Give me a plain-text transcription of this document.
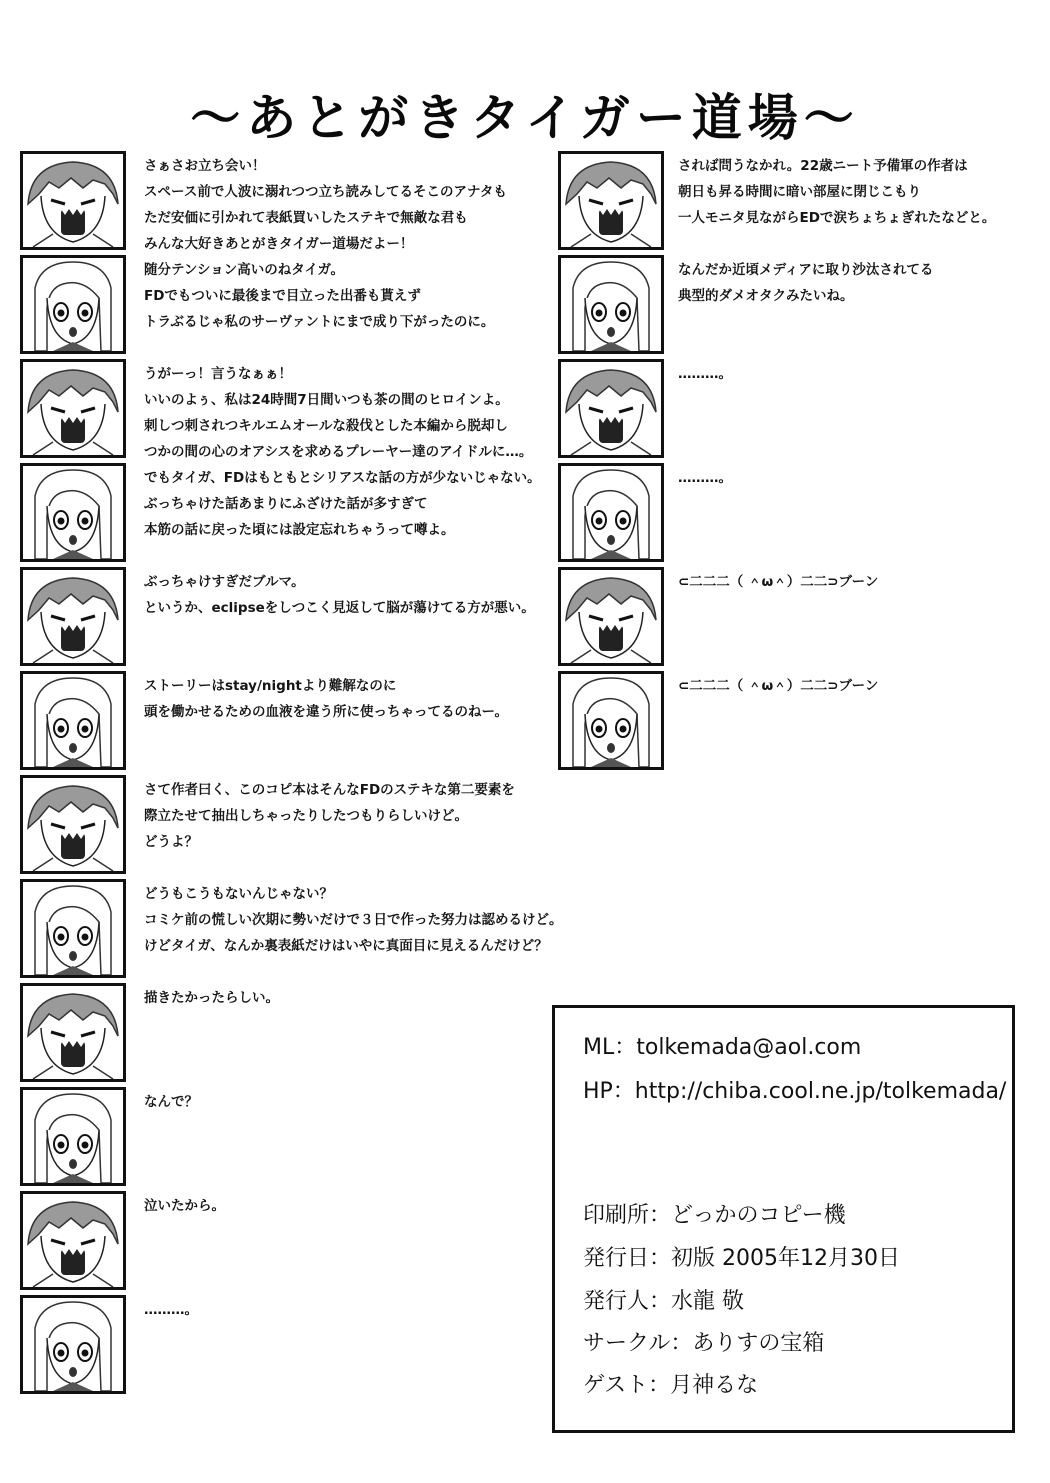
〜あとがきタイガー道場〜
さぁさお立ち会い！
スペース前で人波に溺れつつ立ち読みしてるそこのアナタも
ただ安価に引かれて表紙買いしたステキで無敵な君も
みんな大好きあとがきタイガー道場だよー！
随分テンション高いのねタイガ。
FDでもついに最後まで目立った出番も貰えず
トラぶるじゃ私のサーヴァントにまで成り下がったのに。
うがーっ！言うなぁぁ！
いいのよぅ、私は24時間7日間いつも茶の間のヒロインよ。
刺しつ刺されつキルエムオールな殺伐とした本編から脱却し
つかの間の心のオアシスを求めるプレーヤー達のアイドルに…。
でもタイガ、FDはもともとシリアスな話の方が少ないじゃない。
ぶっちゃけた話あまりにふざけた話が多すぎて
本筋の話に戻った頃には設定忘れちゃうって噂よ。
ぶっちゃけすぎだブルマ。
というか、eclipseをしつこく見返して脳が蕩けてる方が悪い。
ストーリーはstay/nightより難解なのに
頭を働かせるための血液を違う所に使っちゃってるのねー。
さて作者曰く、このコピ本はそんなFDのステキな第二要素を
際立たせて抽出しちゃったりしたつもりらしいけど。
どうよ？
どうもこうもないんじゃない？
コミケ前の慌しい次期に勢いだけで３日で作った努力は認めるけど。
けどタイガ、なんか裏表紙だけはいやに真面目に見えるんだけど？
描きたかったらしい。
なんで？
泣いたから。
………。
されば問うなかれ。22歳ニート予備軍の作者は
朝日も昇る時間に暗い部屋に閉じこもり
一人モニタ見ながらEDで涙ちょちょぎれたなどと。
なんだか近頃メディアに取り沙汰されてる
典型的ダメオタクみたいね。
………。
………。
⊂二二二（ ＾ω＾）二二⊃ブーン
⊂二二二（ ＾ω＾）二二⊃ブーン
ML：tolkemada@aol.com
HP：http://chiba.cool.ne.jp/tolkemada/
印刷所：どっかのコピー機
発行日：初版 2005年12月30日
発行人：水龍 敬
サークル：ありすの宝箱
ゲスト：月神るな
